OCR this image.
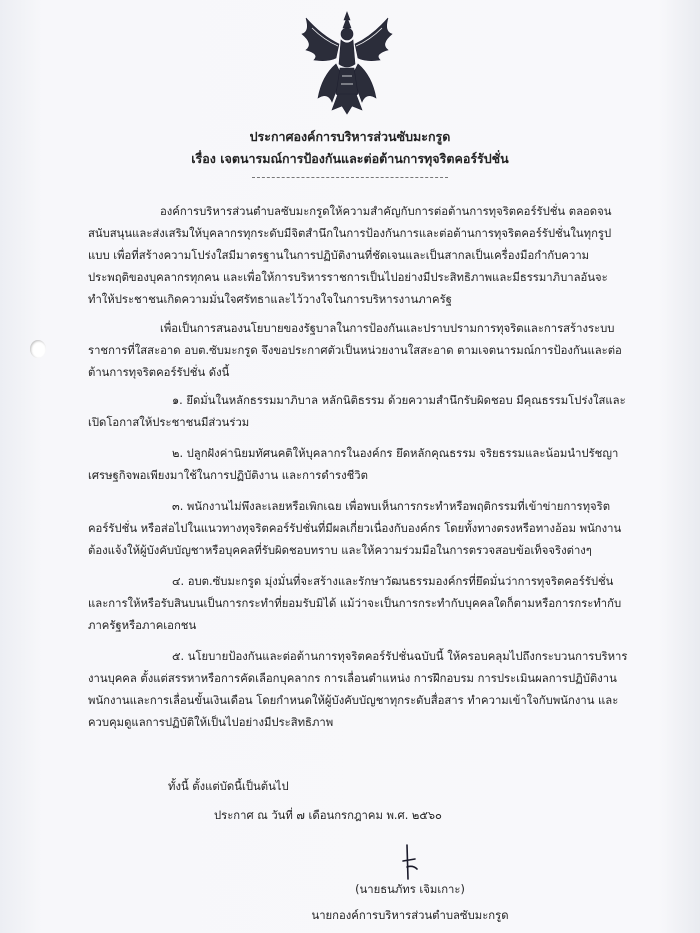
ประกาศองค์การบริหารส่วนซับมะกรูด
เรื่อง เจตนารมณ์การป้องกันและต่อต้านการทุจริตคอร์รัปชั่น

องค์การบริหารส่วนตำบลซับมะกรูดให้ความสำคัญกับการต่อต้านการทุจริตคอร์รัปชั่น ตลอดจนสนับสนุนและส่งเสริมให้บุคลากรทุกระดับมีจิตสำนึกในการป้องกันการและต่อต้านการทุจริตคอร์รัปชั่นในทุกรูปแบบ เพื่อที่สร้างความโปร่งใสมีมาตรฐานในการปฏิบัติงานที่ชัดเจนและเป็นสากลเป็นเครื่องมือกำกับความประพฤติของบุคลากรทุกคน และเพื่อให้การบริหารราชการเป็นไปอย่างมีประสิทธิภาพและมีธรรมาภิบาลอันจะทำให้ประชาชนเกิดความมั่นใจศรัทธาและไว้วางใจในการบริหารงานภาครัฐ

เพื่อเป็นการสนองนโยบายของรัฐบาลในการป้องกันและปราบปรามการทุจริตและการสร้างระบบราชการที่ใสสะอาด อบต.ซับมะกรูด จึงขอประกาศตัวเป็นหน่วยงานใสสะอาด ตามเจตนารมณ์การป้องกันและต่อต้านการทุจริตคอร์รัปชั่น ดังนี้

๑. ยึดมั่นในหลักธรรมมาภิบาล หลักนิติธรรม ด้วยความสำนึกรับผิดชอบ มีคุณธรรมโปร่งใสและเปิดโอกาสให้ประชาชนมีส่วนร่วม

๒. ปลูกฝังค่านิยมทัศนคติให้บุคลากรในองค์กร ยึดหลักคุณธรรม จริยธรรมและน้อมนำปรัชญาเศรษฐกิจพอเพียงมาใช้ในการปฏิบัติงาน และการดำรงชีวิต

๓. พนักงานไม่พึงละเลยหรือเพิกเฉย เพื่อพบเห็นการกระทำหรือพฤติกรรมที่เข้าข่ายการทุจริตคอร์รัปชั่น หรือส่อไปในแนวทางทุจริตคอร์รัปชั่นที่มีผลเกี่ยวเนื่องกับองค์กร โดยทั้งทางตรงหรือทางอ้อม พนักงานต้องแจ้งให้ผู้บังคับบัญชาหรือบุคคลที่รับผิดชอบทราบ และให้ความร่วมมือในการตรวจสอบข้อเท็จจริงต่างๆ

๔. อบต.ซับมะกรูด มุ่งมั่นที่จะสร้างและรักษาวัฒนธรรมองค์กรที่ยึดมั่นว่าการทุจริตคอร์รัปชั่น และการให้หรือรับสินบนเป็นการกระทำที่ยอมรับมิได้ แม้ว่าจะเป็นการกระทำกับบุคคลใดก็ตามหรือการกระทำกับภาครัฐหรือภาคเอกชน

๕. นโยบายป้องกันและต่อต้านการทุจริตคอร์รัปชั่นฉบับนี้ ให้ครอบคลุมไปถึงกระบวนการบริหารงานบุคคล ตั้งแต่สรรหาหรือการคัดเลือกบุคลากร การเลื่อนตำแหน่ง การฝึกอบรม การประเมินผลการปฏิบัติงานพนักงานและการเลื่อนขั้นเงินเดือน โดยกำหนดให้ผู้บังคับบัญชาทุกระดับสื่อสาร ทำความเข้าใจกับพนักงาน และควบคุมดูแลการปฏิบัติให้เป็นไปอย่างมีประสิทธิภาพ

ทั้งนี้ ตั้งแต่บัดนี้เป็นต้นไป
ประกาศ ณ วันที่ ๗ เดือนกรกฎาคม พ.ศ. ๒๕๖๐
(นายธนภัทร เจิมเกาะ)
นายกองค์การบริหารส่วนตำบลซับมะกรูด
